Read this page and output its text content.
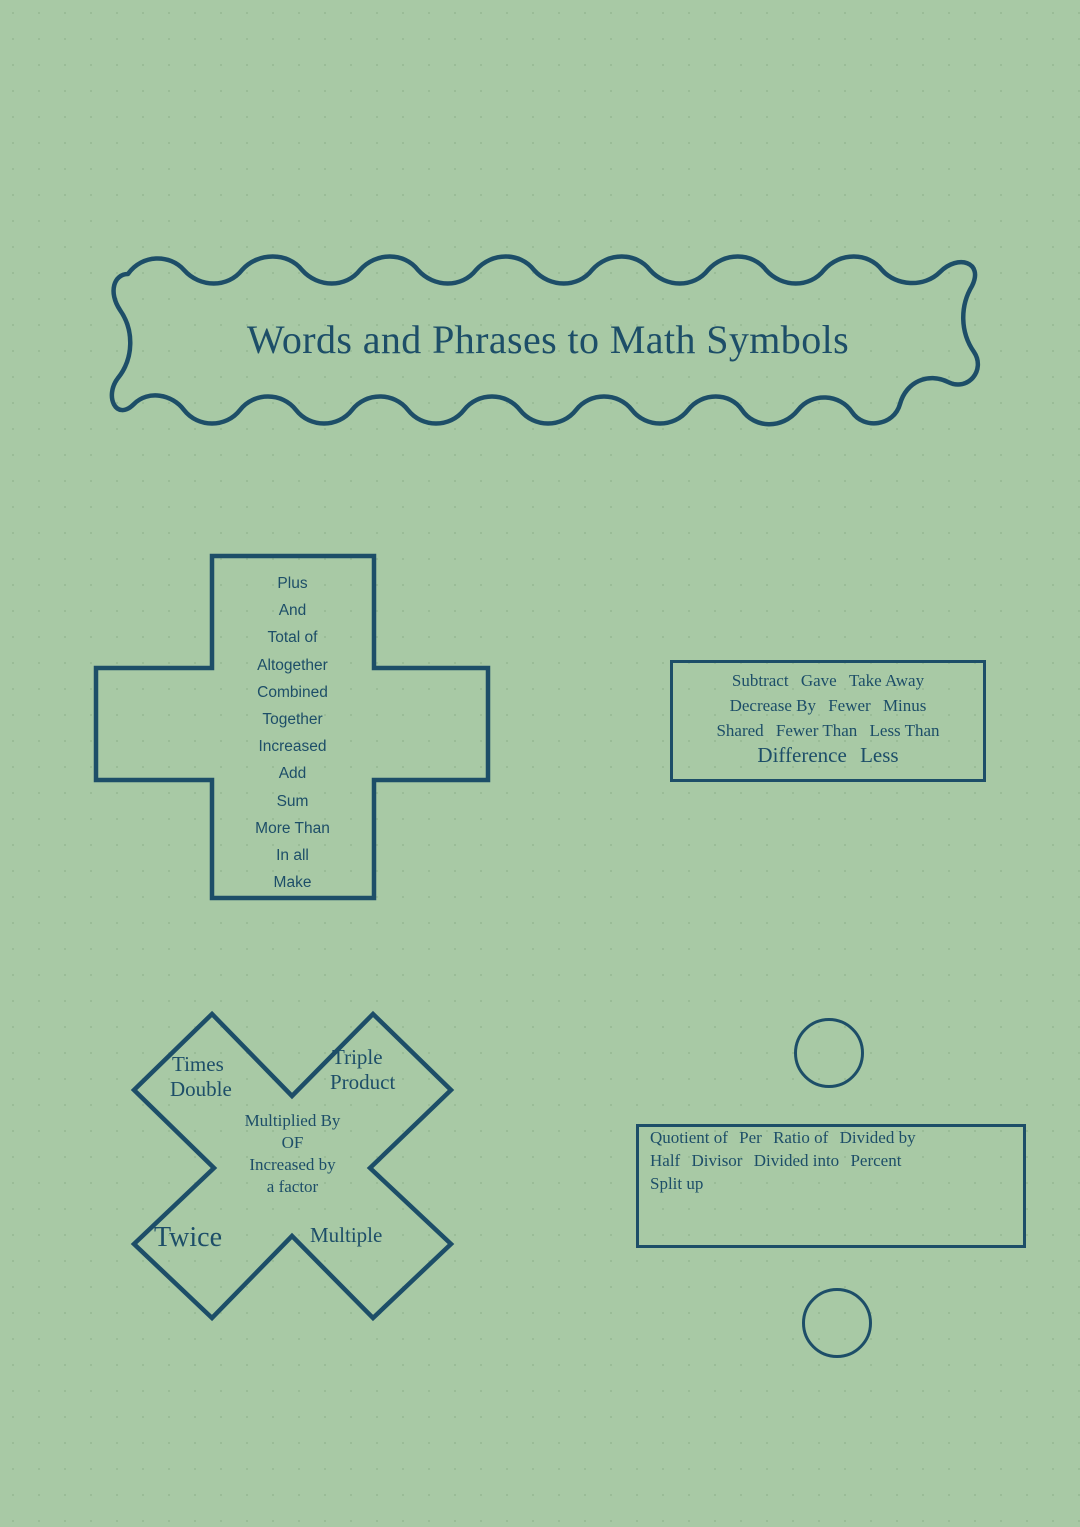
Words and Phrases to Math Symbols
Plus
And
Total of
Altogether
Combined
Together
Increased
Add
Sum
More Than
In all
Make
Subtract Gave Take Away
Decrease By Fewer Minus
Shared Fewer Than Less Than
Difference Less
Times
Double
Triple
Product
Multiplied By
OF
Increased by
a factor
Twice	Multiple
Quotient of Per Ratio of Divided by
Half Divisor Divided into Percent
Split up
